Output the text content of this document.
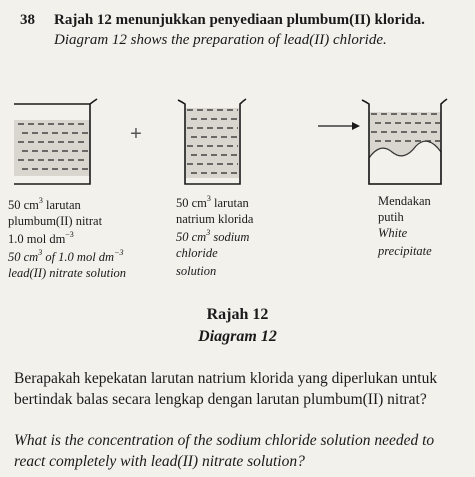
38 Rajah 12 menunjukkan penyediaan plumbum(II) klorida.
Diagram 12 shows the preparation of lead(II) chloride.
+
50 $cm^3$ larutan
plumbum(II) nitrat
1.0 mol $dm^{-3}$
50 $cm^3$ of 1.0 mol $dm^{-3}$
lead(II) nitrate solution
50 $cm^3$ larutan
natrium klorida
50 $cm^3$ sodium
chloride
solution
Mendakan
putih
White
precipitate
Rajah 12
Diagram 12
Berapakah kepekatan larutan natrium klorida yang diperlukan untuk bertindak balas secara lengkap dengan larutan plumbum(II) nitrat?
What is the concentration of the sodium chloride solution needed to react completely with lead(II) nitrate solution?
